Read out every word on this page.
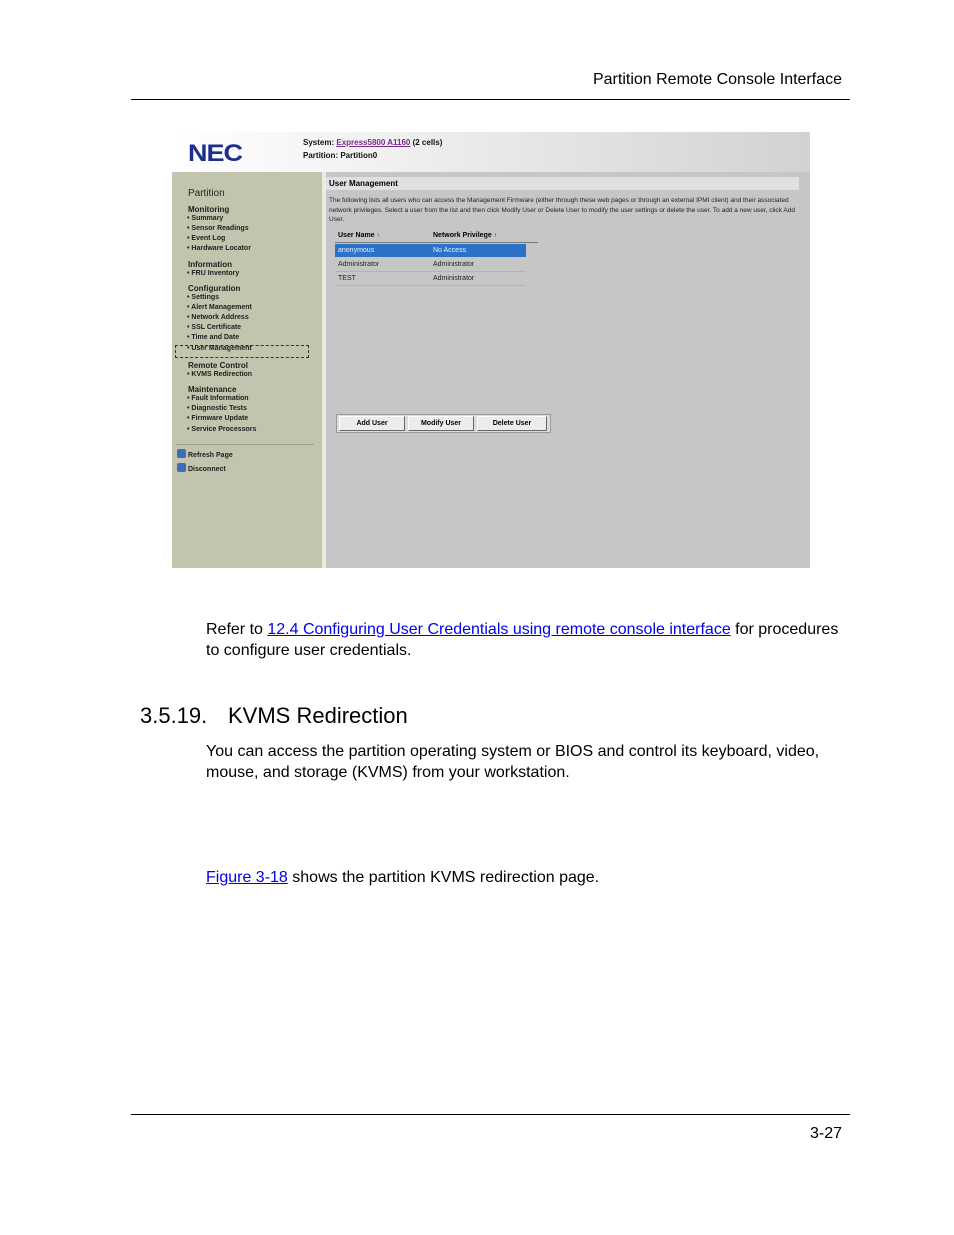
Partition Remote Console Interface
NEC	System: Express5800 A1160 (2 cells)
Partition: Partition0
Partition
Monitoring
• Summary
• Sensor Readings
• Event Log
• Hardware Locator
Information
• FRU Inventory
Configuration
• Settings
• Alert Management
• Network Address
• SSL Certificate
• Time and Date
• User Management
Remote Control
• KVMS Redirection
Maintenance
• Fault Information
• Diagnostic Tests
• Firmware Update
• Service Processors
Refresh Page
Disconnect
User Management
The following lists all users who can access the Management Firmware (either through these web pages or through an external IPMI client) and their associated network privileges. Select a user from the list and then click Modify User or Delete User to modify the user settings or delete the user. To add a new user, click Add User.
User Name ↑	Network Privilege ↑
anonymous	No Access
Administrator	Administrator
TEST	Administrator
Add User	Modify User	Delete User
Refer to 12.4 Configuring User Credentials using remote console interface for procedures to configure user credentials.
3.5.19. KVMS Redirection
You can access the partition operating system or BIOS and control its keyboard, video, mouse, and storage (KVMS) from your workstation.
Figure 3-18 shows the partition KVMS redirection page.
3-27
